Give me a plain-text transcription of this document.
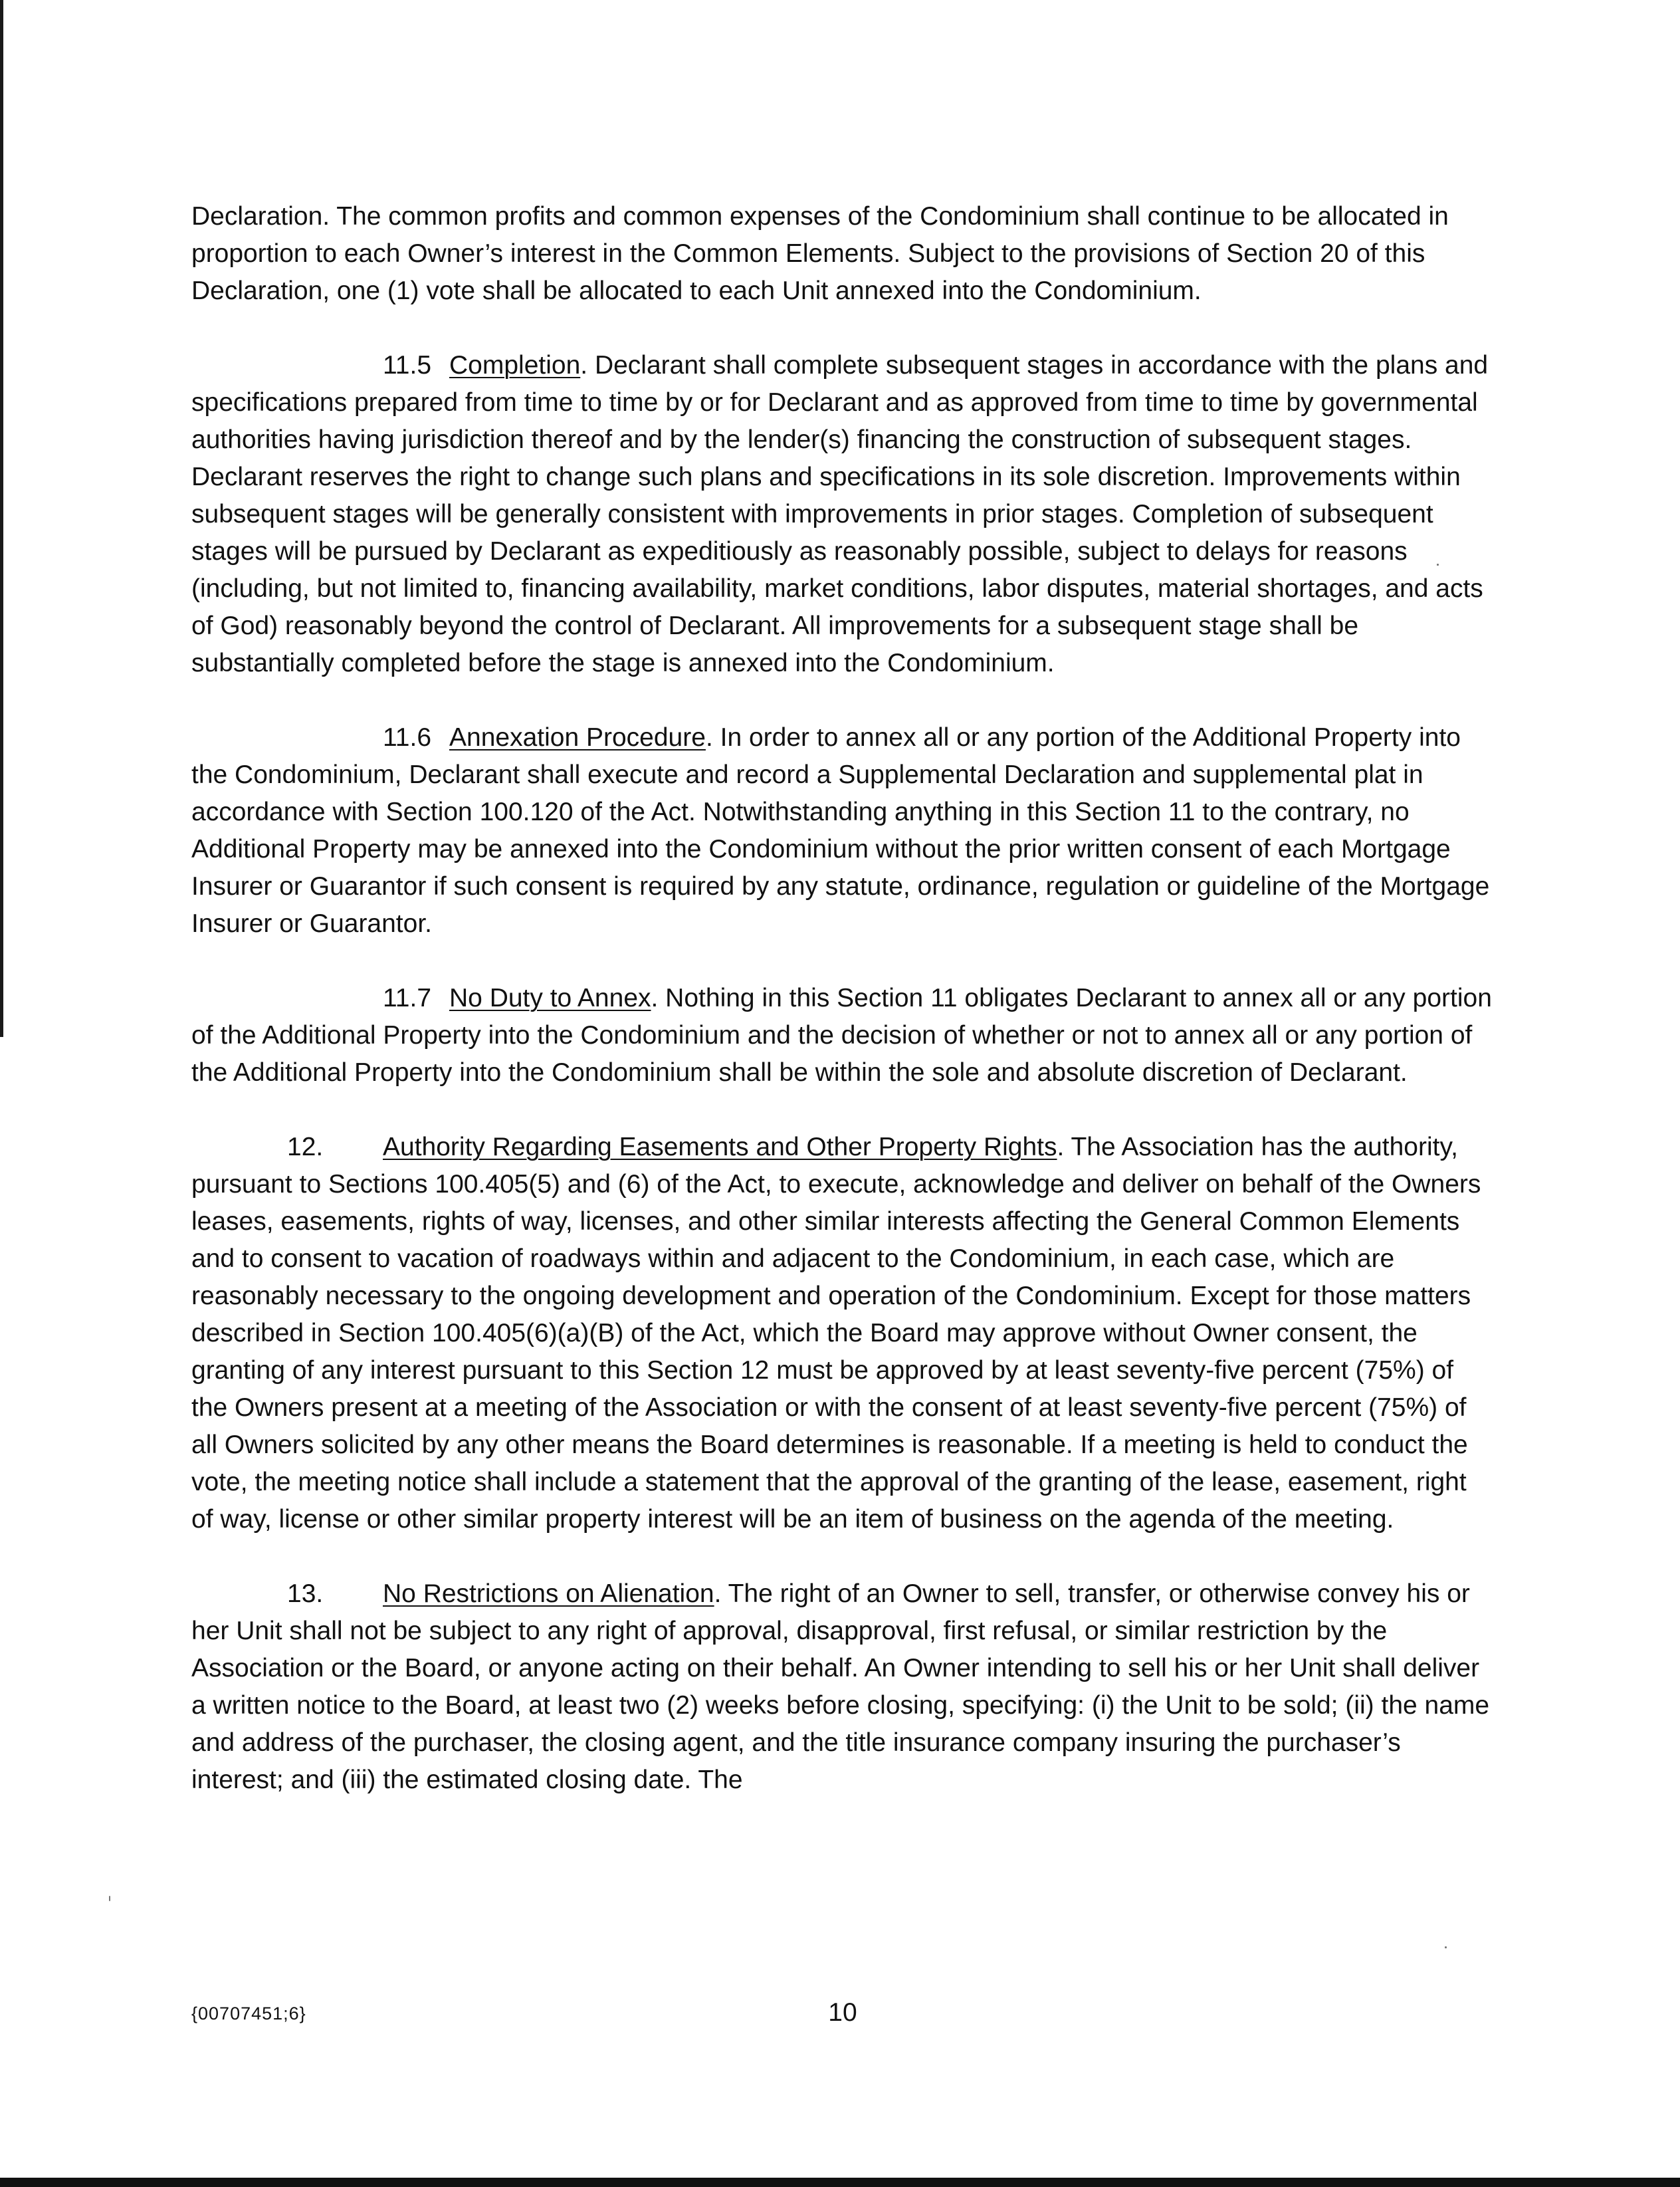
Declaration. The common profits and common expenses of the Condominium shall continue to be allocated in proportion to each Owner’s interest in the Common Elements. Subject to the provisions of Section 20 of this Declaration, one (1) vote shall be allocated to each Unit annexed into the Condominium.

11.5 Completion. Declarant shall complete subsequent stages in accordance with the plans and specifications prepared from time to time by or for Declarant and as approved from time to time by governmental authorities having jurisdiction thereof and by the lender(s) financing the construction of subsequent stages. Declarant reserves the right to change such plans and specifications in its sole discretion. Improvements within subsequent stages will be generally consistent with improvements in prior stages. Completion of subsequent stages will be pursued by Declarant as expeditiously as reasonably possible, subject to delays for reasons (including, but not limited to, financing availability, market conditions, labor disputes, material shortages, and acts of God) reasonably beyond the control of Declarant. All improvements for a subsequent stage shall be substantially completed before the stage is annexed into the Condominium.

11.6 Annexation Procedure. In order to annex all or any portion of the Additional Property into the Condominium, Declarant shall execute and record a Supplemental Declaration and supplemental plat in accordance with Section 100.120 of the Act. Notwithstanding anything in this Section 11 to the contrary, no Additional Property may be annexed into the Condominium without the prior written consent of each Mortgage Insurer or Guarantor if such consent is required by any statute, ordinance, regulation or guideline of the Mortgage Insurer or Guarantor.

11.7 No Duty to Annex. Nothing in this Section 11 obligates Declarant to annex all or any portion of the Additional Property into the Condominium and the decision of whether or not to annex all or any portion of the Additional Property into the Condominium shall be within the sole and absolute discretion of Declarant.

12. Authority Regarding Easements and Other Property Rights. The Association has the authority, pursuant to Sections 100.405(5) and (6) of the Act, to execute, acknowledge and deliver on behalf of the Owners leases, easements, rights of way, licenses, and other similar interests affecting the General Common Elements and to consent to vacation of roadways within and adjacent to the Condominium, in each case, which are reasonably necessary to the ongoing development and operation of the Condominium. Except for those matters described in Section 100.405(6)(a)(B) of the Act, which the Board may approve without Owner consent, the granting of any interest pursuant to this Section 12 must be approved by at least seventy-five percent (75%) of the Owners present at a meeting of the Association or with the consent of at least seventy-five percent (75%) of all Owners solicited by any other means the Board determines is reasonable. If a meeting is held to conduct the vote, the meeting notice shall include a statement that the approval of the granting of the lease, easement, right of way, license or other similar property interest will be an item of business on the agenda of the meeting.

13. No Restrictions on Alienation. The right of an Owner to sell, transfer, or otherwise convey his or her Unit shall not be subject to any right of approval, disapproval, first refusal, or similar restriction by the Association or the Board, or anyone acting on their behalf. An Owner intending to sell his or her Unit shall deliver a written notice to the Board, at least two (2) weeks before closing, specifying: (i) the Unit to be sold; (ii) the name and address of the purchaser, the closing agent, and the title insurance company insuring the purchaser’s interest; and (iii) the estimated closing date. The

{00707451;6}	10
